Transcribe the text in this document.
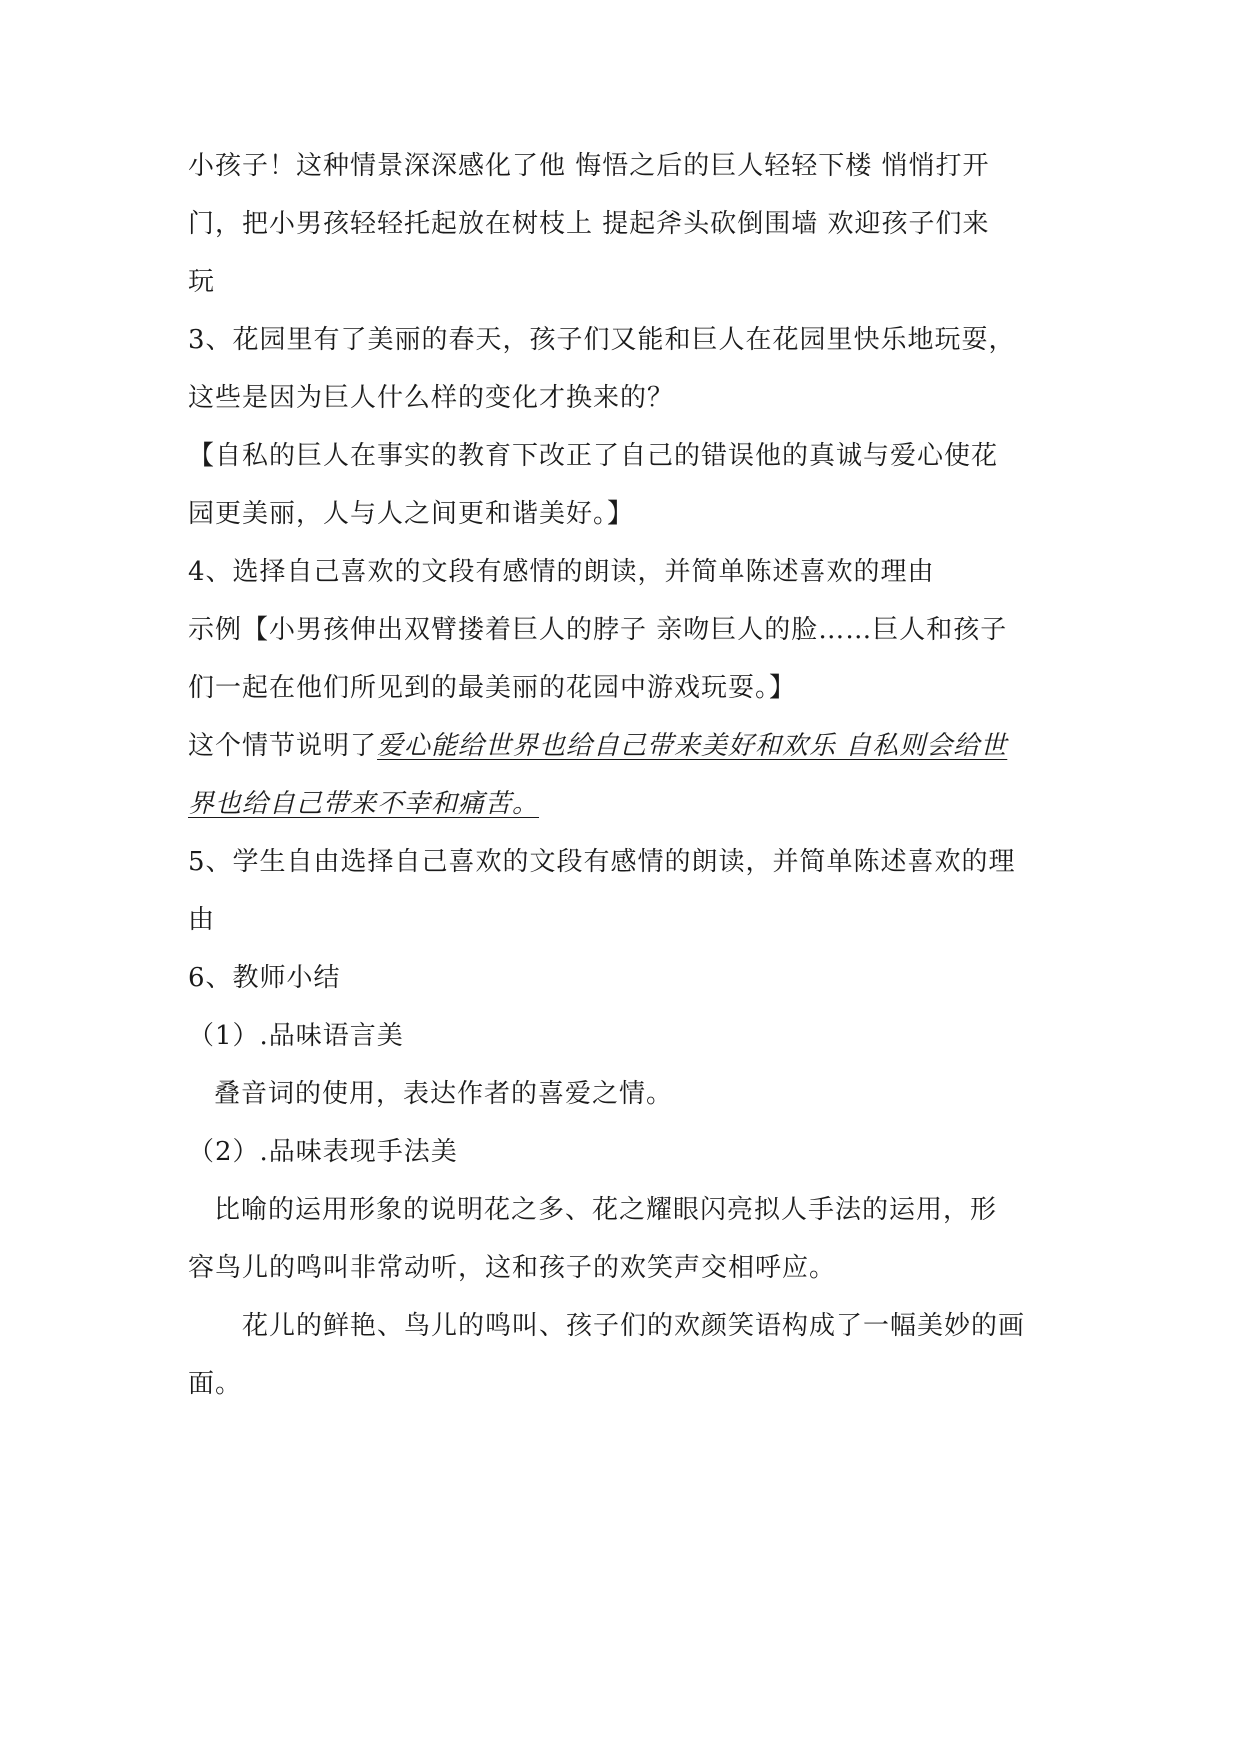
小孩子！这种情景深深感化了他 悔悟之后的巨人轻轻下楼 悄悄打开
门，把小男孩轻轻托起放在树枝上 提起斧头砍倒围墙 欢迎孩子们来
玩
3、花园里有了美丽的春天，孩子们又能和巨人在花园里快乐地玩耍，
这些是因为巨人什么样的变化才换来的？
【自私的巨人在事实的教育下改正了自己的错误他的真诚与爱心使花
园更美丽，人与人之间更和谐美好。】
4、选择自己喜欢的文段有感情的朗读，并简单陈述喜欢的理由
示例【小男孩伸出双臂搂着巨人的脖子 亲吻巨人的脸……巨人和孩子
们一起在他们所见到的最美丽的花园中游戏玩耍。】
这个情节说明了爱心能给世界也给自己带来美好和欢乐 自私则会给世
界也给自己带来不幸和痛苦。
5、学生自由选择自己喜欢的文段有感情的朗读，并简单陈述喜欢的理
由
6、教师小结
（1）.品味语言美
叠音词的使用，表达作者的喜爱之情。
（2）.品味表现手法美
比喻的运用形象的说明花之多、花之耀眼闪亮拟人手法的运用，形
容鸟儿的鸣叫非常动听，这和孩子的欢笑声交相呼应。
花儿的鲜艳、鸟儿的鸣叫、孩子们的欢颜笑语构成了一幅美妙的画
面。
